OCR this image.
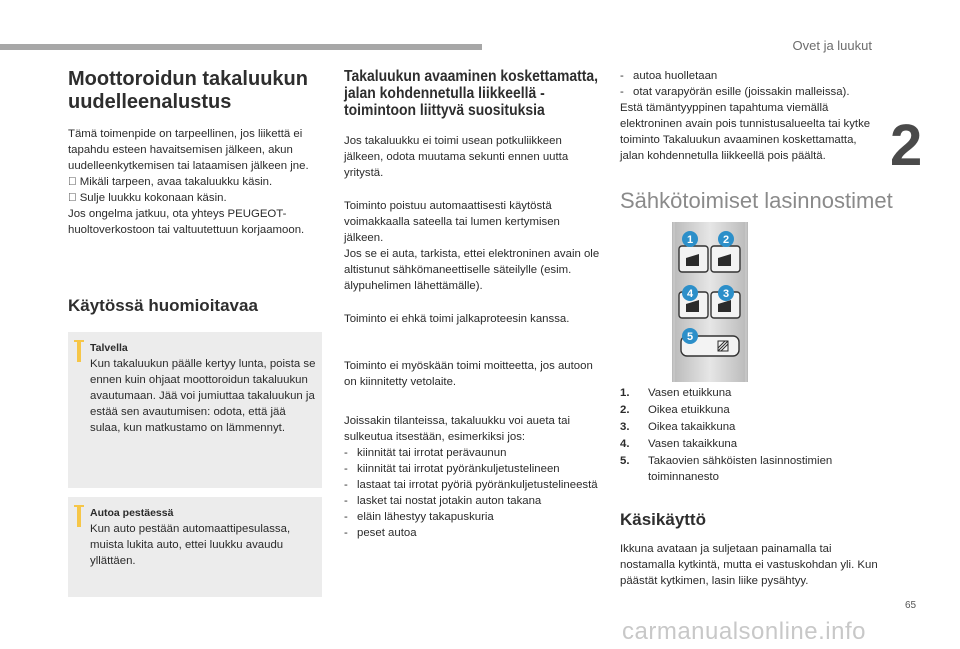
Ovet ja luukut
2
65
carmanualsonline.info
Moottoroidun takaluukun uudelleenalustus

Tämä toimenpide on tarpeellinen, jos liikettä ei tapahdu esteen havaitsemisen jälkeen, akun uudelleenkytkemisen tai lataamisen jälkeen jne.

Mikäli tarpeen, avaa takaluukku käsin.

Sulje luukku kokonaan käsin.

Jos ongelma jatkuu, ota yhteys PEUGEOT-huoltoverkostoon tai valtuutettuun korjaamoon.

Käytössä huomioitavaa
Talvella

Kun takaluukun päälle kertyy lunta, poista se ennen kuin ohjaat moottoroidun takaluukun avautumaan. Jää voi jumiuttaa takaluukun ja estää sen avautumisen: odota, että jää sulaa, kun matkustamo on lämmennyt.

Autoa pestäessä

Kun auto pestään automaattipesulassa, muista lukita auto, ettei luukku avaudu yllättäen.

Takaluukun avaaminen koskettamatta, jalan kohdennetulla liikkeellä -toimintoon liittyvä suosituksia

Jos takaluukku ei toimi usean potkuliikkeen jälkeen, odota muutama sekunti ennen uutta yritystä.

Toiminto poistuu automaattisesti käytöstä voimakkaalla sateella tai lumen kertymisen jälkeen.

Jos se ei auta, tarkista, ettei elektroninen avain ole altistunut sähkömaneettiselle säteilylle (esim. älypuhelimen lähettämälle).

Toiminto ei ehkä toimi jalkaproteesin kanssa.

Toiminto ei myöskään toimi moitteetta, jos autoon on kiinnitetty vetolaite.

Joissakin tilanteissa, takaluukku voi aueta tai sulkeutua itsestään, esimerkiksi jos:

- kiinnität tai irrotat perävaunun
- kiinnität tai irrotat pyöränkuljetustelineen
- lastaat tai irrotat pyöriä pyöränkuljetustelineestä
- lasket tai nostat jotakin auton takana
- eläin lähestyy takapuskuria
- peset autoa
- autoa huolletaan
- otat varapyörän esille (joissakin malleissa).

Estä tämäntyyppinen tapahtuma viemällä elektroninen avain pois tunnistusalueelta tai kytke toiminto Takaluukun avaaminen koskettamatta, jalan kohdennetulla liikkeellä pois päältä.

Sähkötoimiset lasinnostimet
1	2
4	3
5
1. Vasen etuikkuna
2. Oikea etuikkuna
3. Oikea takaikkuna
4. Vasen takaikkuna
5. Takaovien sähköisten lasinnostimien toiminnanesto
Käsikäyttö

Ikkuna avataan ja suljetaan painamalla tai nostamalla kytkintä, mutta ei vastuskohdan yli. Kun päästät kytkimen, lasin liike pysähtyy.
